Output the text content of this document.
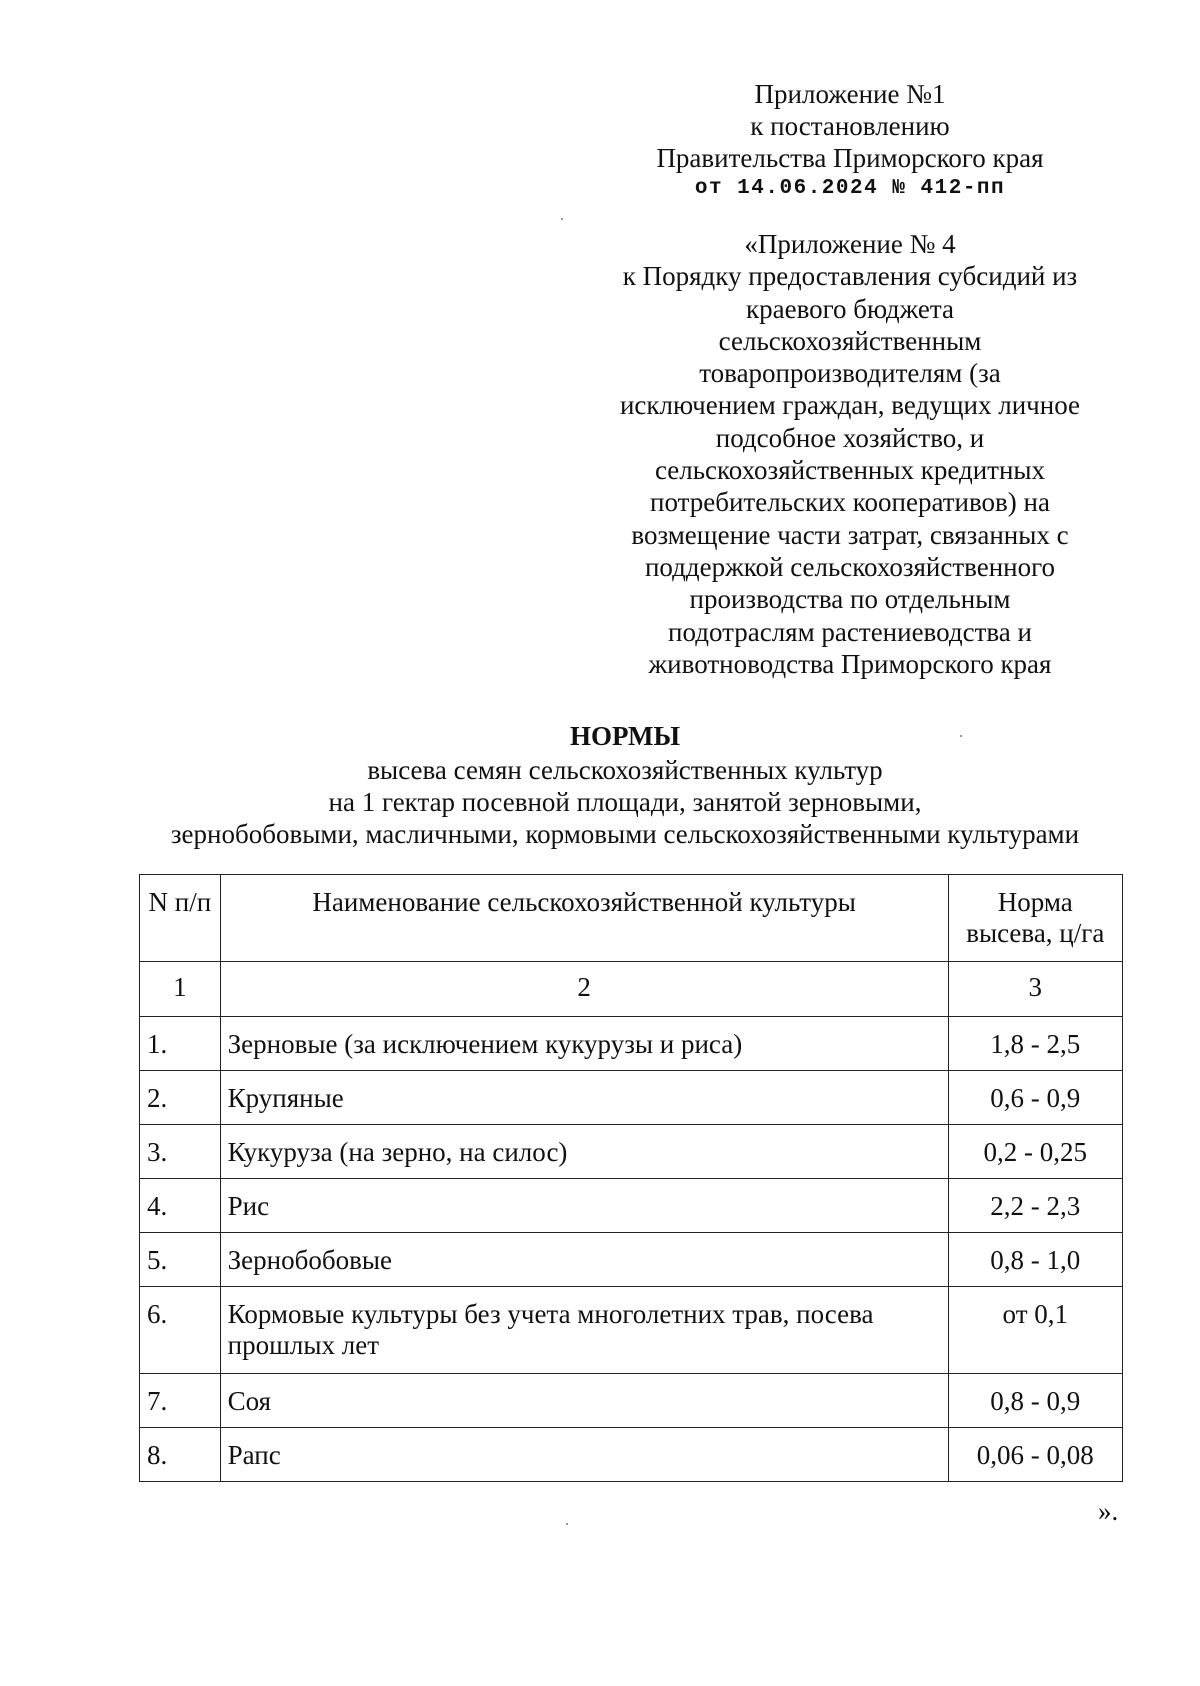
Приложение №1
к постановлению
Правительства Приморского края
от 14.06.2024 № 412-пп
«Приложение № 4
к Порядку предоставления субсидий из
краевого бюджета
сельскохозяйственным
товаропроизводителям (за
исключением граждан, ведущих личное
подсобное хозяйство, и
сельскохозяйственных кредитных
потребительских кооперативов) на
возмещение части затрат, связанных с
поддержкой сельскохозяйственного
производства по отдельным
подотраслям растениеводства и
животноводства Приморского края
НОРМЫ
высева семян сельскохозяйственных культур
на 1 гектар посевной площади, занятой зерновыми,
зернобобовыми, масличными, кормовыми сельскохозяйственными культурами
N п/п	Наименование сельскохозяйственной культуры	Норма
высева, ц/га

1	2	3

1.	Зерновые (за исключением кукурузы и риса)	1,8 - 2,5

2.	Крупяные	0,6 - 0,9

3.	Кукуруза (на зерно, на силос)	0,2 - 0,25

4.	Рис	2,2 - 2,3

5.	Зернобобовые	0,8 - 1,0

6.	Кормовые культуры без учета многолетних трав, посева прошлых лет	от 0,1

7.	Соя	0,8 - 0,9

8.	Рапс	0,06 - 0,08
».
